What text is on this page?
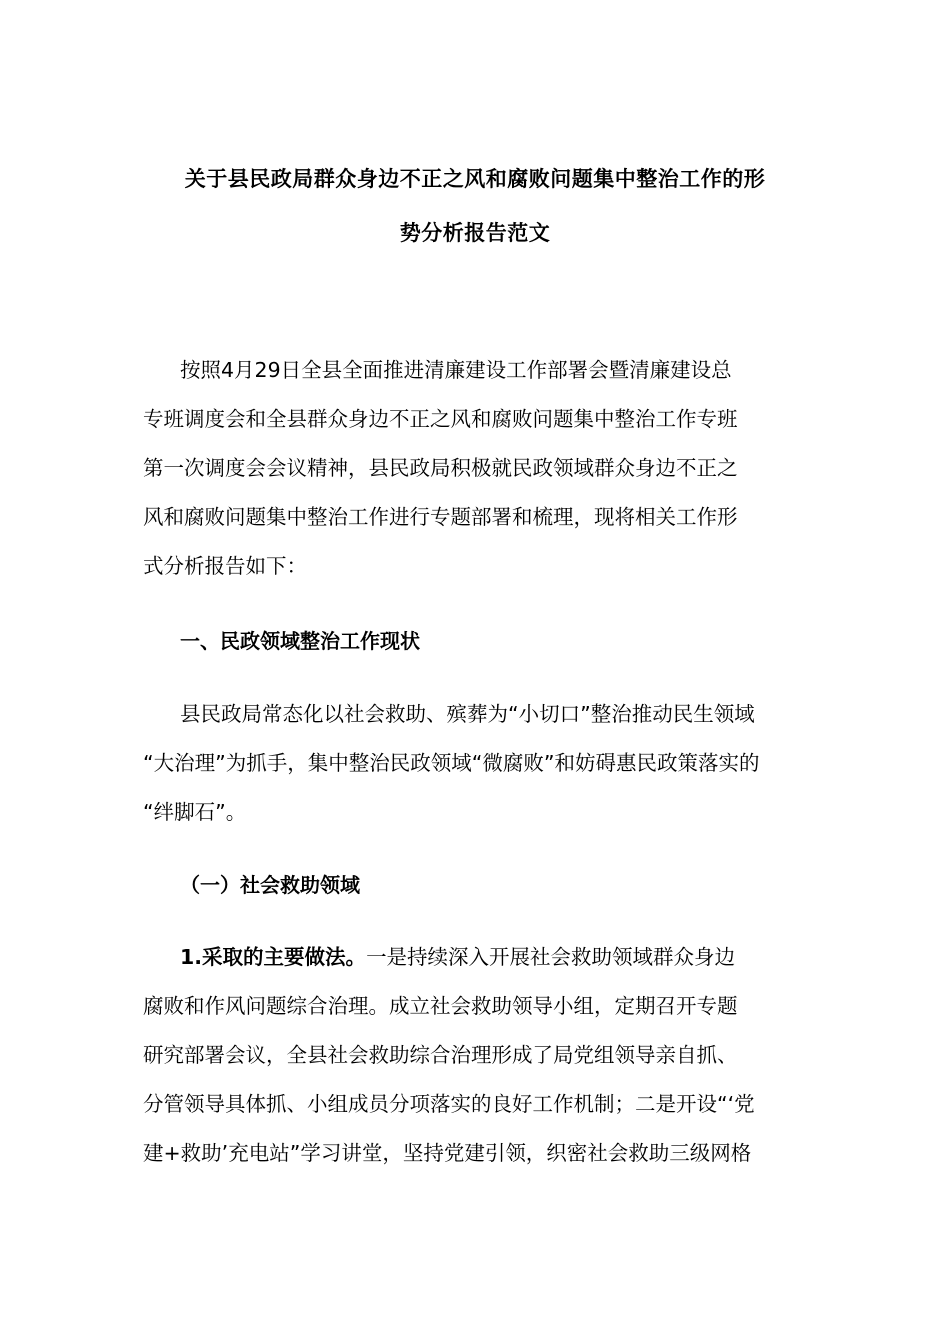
关于县民政局群众身边不正之风和腐败问题集中整治工作的形
势分析报告范文
按照4月29日全县全面推进清廉建设工作部署会暨清廉建设总
专班调度会和全县群众身边不正之风和腐败问题集中整治工作专班
第一次调度会会议精神，县民政局积极就民政领域群众身边不正之
风和腐败问题集中整治工作进行专题部署和梳理，现将相关工作形
式分析报告如下：
一、民政领域整治工作现状
县民政局常态化以社会救助、殡葬为“小切口”整治推动民生领域
“大治理”为抓手，集中整治民政领域“微腐败”和妨碍惠民政策落实的
“绊脚石”。
（一）社会救助领域
1.采取的主要做法。一是持续深入开展社会救助领域群众身边
腐败和作风问题综合治理。成立社会救助领导小组，定期召开专题
研究部署会议，全县社会救助综合治理形成了局党组领导亲自抓、
分管领导具体抓、小组成员分项落实的良好工作机制；二是开设“‘党
建+救助’充电站”学习讲堂，坚持党建引领，织密社会救助三级网格
